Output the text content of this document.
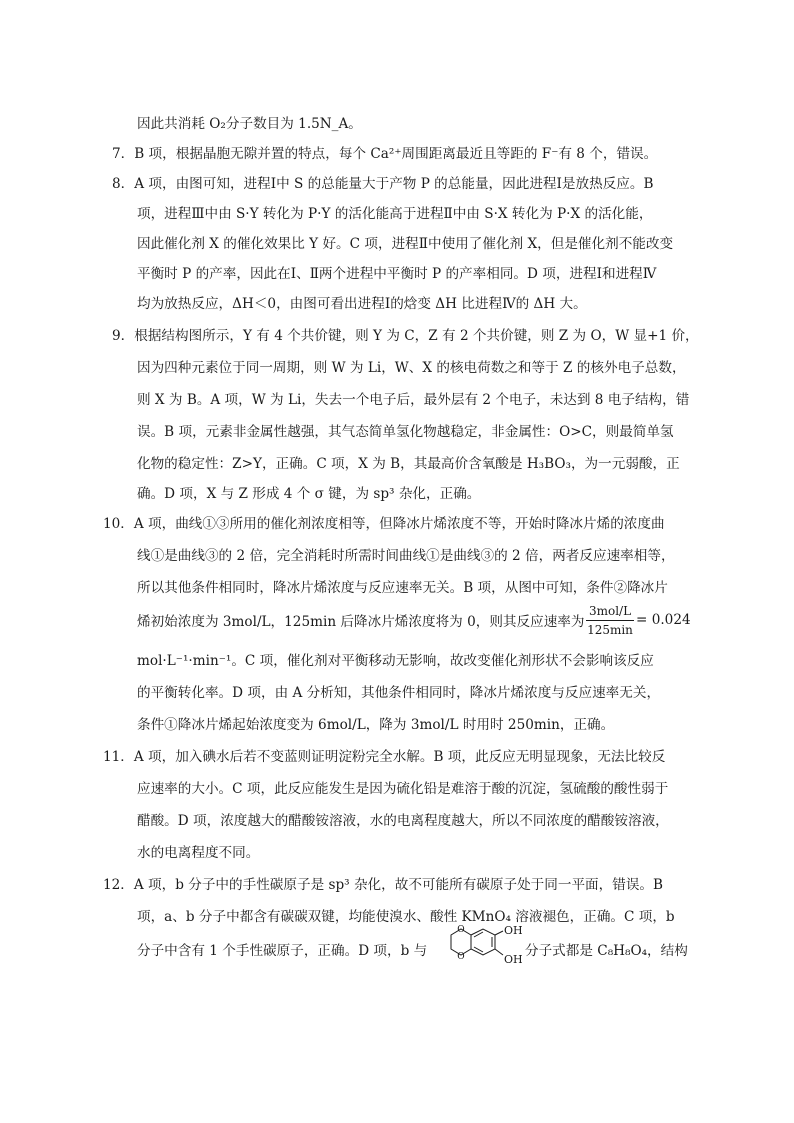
因此共消耗 O₂分子数目为 1.5N_A。
7．B 项，根据晶胞无隙并置的特点，每个 Ca²⁺周围距离最近且等距的 F⁻有 8 个，错误。
8．A 项，由图可知，进程Ⅰ中 S 的总能量大于产物 P 的总能量，因此进程Ⅰ是放热反应。B
项，进程Ⅲ中由 S·Y 转化为 P·Y 的活化能高于进程Ⅱ中由 S·X 转化为 P·X 的活化能，
因此催化剂 X 的催化效果比 Y 好。C 项，进程Ⅱ中使用了催化剂 X，但是催化剂不能改变
平衡时 P 的产率，因此在Ⅰ、Ⅱ两个进程中平衡时 P 的产率相同。D 项，进程Ⅰ和进程Ⅳ
均为放热反应，ΔH＜0，由图可看出进程Ⅰ的焓变 ΔH 比进程Ⅳ的 ΔH 大。
9．根据结构图所示，Y 有 4 个共价键，则 Y 为 C，Z 有 2 个共价键，则 Z 为 O，W 显+1 价，
因为四种元素位于同一周期，则 W 为 Li，W、X 的核电荷数之和等于 Z 的核外电子总数，
则 X 为 B。A 项，W 为 Li，失去一个电子后，最外层有 2 个电子，未达到 8 电子结构，错
误。B 项，元素非金属性越强，其气态简单氢化物越稳定，非金属性：O>C，则最简单氢
化物的稳定性：Z>Y，正确。C 项，X 为 B，其最高价含氧酸是 H₃BO₃，为一元弱酸，正
确。D 项，X 与 Z 形成 4 个 σ 键，为 sp³ 杂化，正确。
10．A 项，曲线①③所用的催化剂浓度相等，但降冰片烯浓度不等，开始时降冰片烯的浓度曲
线①是曲线③的 2 倍，完全消耗时所需时间曲线①是曲线③的 2 倍，两者反应速率相等，
所以其他条件相同时，降冰片烯浓度与反应速率无关。B 项，从图中可知，条件②降冰片
烯初始浓度为 3mol/L，125min 后降冰片烯浓度将为 0，则其反应速率为
3mol/L
125min
= 0.024
mol·L⁻¹·min⁻¹。C 项，催化剂对平衡移动无影响，故改变催化剂形状不会影响该反应
的平衡转化率。D 项，由 A 分析知，其他条件相同时，降冰片烯浓度与反应速率无关，
条件①降冰片烯起始浓度变为 6mol/L，降为 3mol/L 时用时 250min，正确。
11．A 项，加入碘水后若不变蓝则证明淀粉完全水解。B 项，此反应无明显现象，无法比较反
应速率的大小。C 项，此反应能发生是因为硫化铅是难溶于酸的沉淀，氢硫酸的酸性弱于
醋酸。D 项，浓度越大的醋酸铵溶液，水的电离程度越大，所以不同浓度的醋酸铵溶液，
水的电离程度不同。
12．A 项，b 分子中的手性碳原子是 sp³ 杂化，故不可能所有碳原子处于同一平面，错误。B
项，a、b 分子中都含有碳碳双键，均能使溴水、酸性 KMnO₄ 溶液褪色，正确。C 项，b
分子中含有 1 个手性碳原子，正确。D 项，b 与
O
O
OH
OH
分子式都是 C₈H₈O₄，结构
